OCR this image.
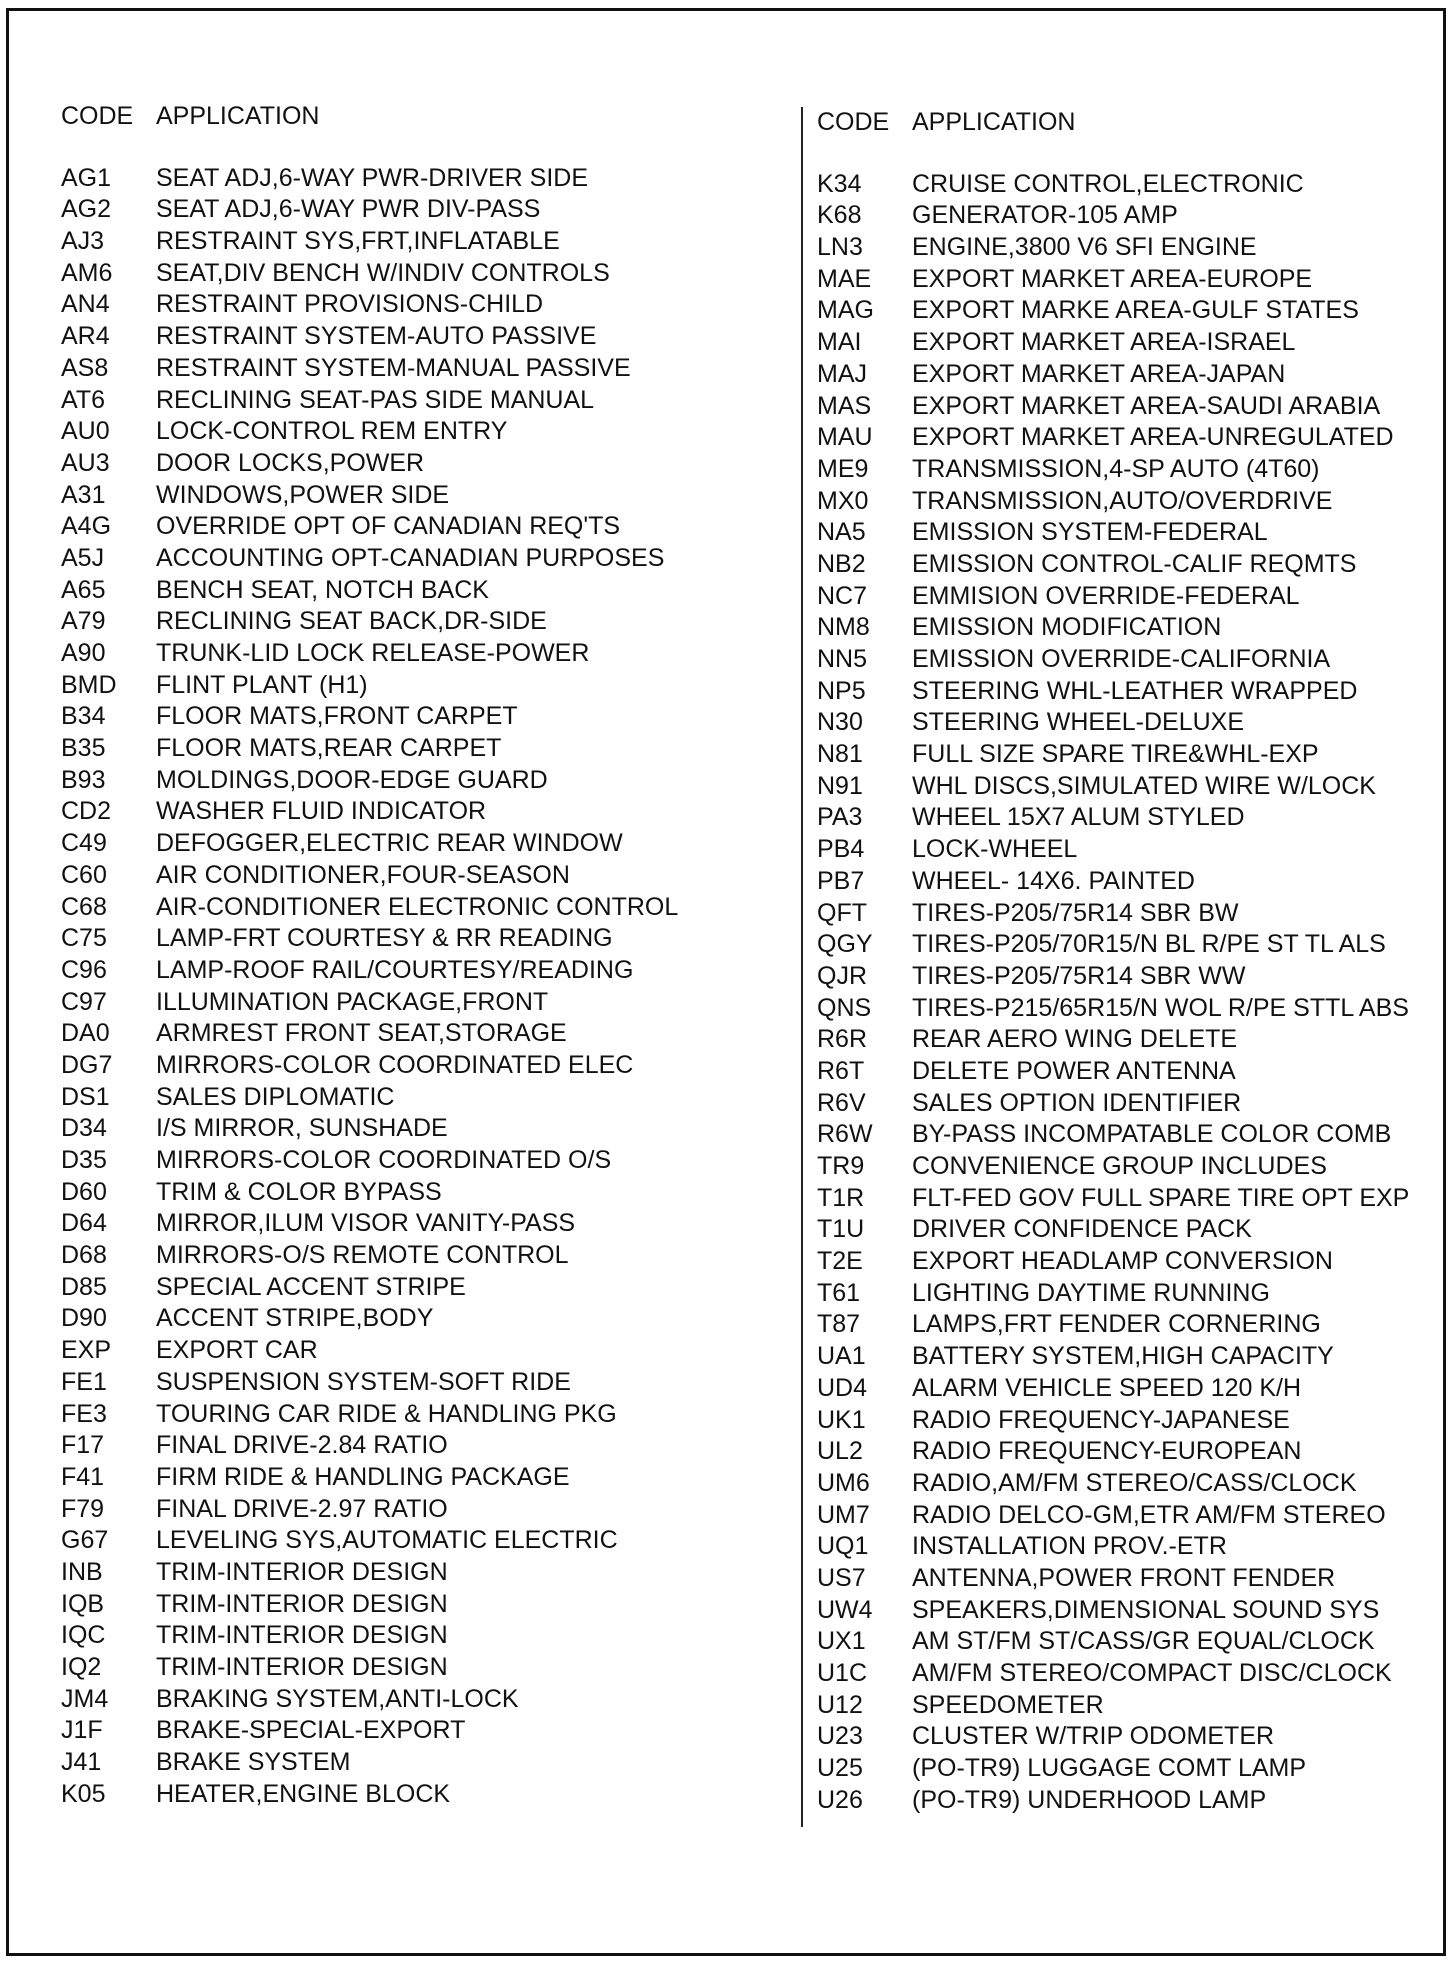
CODE APPLICATION
AG1	SEAT ADJ,6-WAY PWR-DRIVER SIDE
AG2	SEAT ADJ,6-WAY PWR DIV-PASS
AJ3	RESTRAINT SYS,FRT,INFLATABLE
AM6	SEAT,DIV BENCH W/INDIV CONTROLS
AN4	RESTRAINT PROVISIONS-CHILD
AR4	RESTRAINT SYSTEM-AUTO PASSIVE
AS8	RESTRAINT SYSTEM-MANUAL PASSIVE
AT6	RECLINING SEAT-PAS SIDE MANUAL
AU0	LOCK-CONTROL REM ENTRY
AU3	DOOR LOCKS,POWER
A31	WINDOWS,POWER SIDE
A4G	OVERRIDE OPT OF CANADIAN REQ'TS
A5J	ACCOUNTING OPT-CANADIAN PURPOSES
A65	BENCH SEAT, NOTCH BACK
A79	RECLINING SEAT BACK,DR-SIDE
A90	TRUNK-LID LOCK RELEASE-POWER
BMD	FLINT PLANT (H1)
B34	FLOOR MATS,FRONT CARPET
B35	FLOOR MATS,REAR CARPET
B93	MOLDINGS,DOOR-EDGE GUARD
CD2	WASHER FLUID INDICATOR
C49	DEFOGGER,ELECTRIC REAR WINDOW
C60	AIR CONDITIONER,FOUR-SEASON
C68	AIR-CONDITIONER ELECTRONIC CONTROL
C75	LAMP-FRT COURTESY & RR READING
C96	LAMP-ROOF RAIL/COURTESY/READING
C97	ILLUMINATION PACKAGE,FRONT
DA0	ARMREST FRONT SEAT,STORAGE
DG7	MIRRORS-COLOR COORDINATED ELEC
DS1	SALES DIPLOMATIC
D34	I/S MIRROR, SUNSHADE
D35	MIRRORS-COLOR COORDINATED O/S
D60	TRIM & COLOR BYPASS
D64	MIRROR,ILUM VISOR VANITY-PASS
D68	MIRRORS-O/S REMOTE CONTROL
D85	SPECIAL ACCENT STRIPE
D90	ACCENT STRIPE,BODY
EXP	EXPORT CAR
FE1	SUSPENSION SYSTEM-SOFT RIDE
FE3	TOURING CAR RIDE & HANDLING PKG
F17	FINAL DRIVE-2.84 RATIO
F41	FIRM RIDE & HANDLING PACKAGE
F79	FINAL DRIVE-2.97 RATIO
G67	LEVELING SYS,AUTOMATIC ELECTRIC
INB	TRIM-INTERIOR DESIGN
IQB	TRIM-INTERIOR DESIGN
IQC	TRIM-INTERIOR DESIGN
IQ2	TRIM-INTERIOR DESIGN
JM4	BRAKING SYSTEM,ANTI-LOCK
J1F	BRAKE-SPECIAL-EXPORT
J41	BRAKE SYSTEM
K05	HEATER,ENGINE BLOCK
CODE APPLICATION
K34	CRUISE CONTROL,ELECTRONIC
K68	GENERATOR-105 AMP
LN3	ENGINE,3800 V6 SFI ENGINE
MAE	EXPORT MARKET AREA-EUROPE
MAG	EXPORT MARKE AREA-GULF STATES
MAI	EXPORT MARKET AREA-ISRAEL
MAJ	EXPORT MARKET AREA-JAPAN
MAS	EXPORT MARKET AREA-SAUDI ARABIA
MAU	EXPORT MARKET AREA-UNREGULATED
ME9	TRANSMISSION,4-SP AUTO (4T60)
MX0	TRANSMISSION,AUTO/OVERDRIVE
NA5	EMISSION SYSTEM-FEDERAL
NB2	EMISSION CONTROL-CALIF REQMTS
NC7	EMMISION OVERRIDE-FEDERAL
NM8	EMISSION MODIFICATION
NN5	EMISSION OVERRIDE-CALIFORNIA
NP5	STEERING WHL-LEATHER WRAPPED
N30	STEERING WHEEL-DELUXE
N81	FULL SIZE SPARE TIRE&WHL-EXP
N91	WHL DISCS,SIMULATED WIRE W/LOCK
PA3	WHEEL 15X7 ALUM STYLED
PB4	LOCK-WHEEL
PB7	WHEEL- 14X6. PAINTED
QFT	TIRES-P205/75R14 SBR BW
QGY	TIRES-P205/70R15/N BL R/PE ST TL ALS
QJR	TIRES-P205/75R14 SBR WW
QNS	TIRES-P215/65R15/N WOL R/PE STTL ABS
R6R	REAR AERO WING DELETE
R6T	DELETE POWER ANTENNA
R6V	SALES OPTION IDENTIFIER
R6W	BY-PASS INCOMPATABLE COLOR COMB
TR9	CONVENIENCE GROUP INCLUDES
T1R	FLT-FED GOV FULL SPARE TIRE OPT EXP
T1U	DRIVER CONFIDENCE PACK
T2E	EXPORT HEADLAMP CONVERSION
T61	LIGHTING DAYTIME RUNNING
T87	LAMPS,FRT FENDER CORNERING
UA1	BATTERY SYSTEM,HIGH CAPACITY
UD4	ALARM VEHICLE SPEED 120 K/H
UK1	RADIO FREQUENCY-JAPANESE
UL2	RADIO FREQUENCY-EUROPEAN
UM6	RADIO,AM/FM STEREO/CASS/CLOCK
UM7	RADIO DELCO-GM,ETR AM/FM STEREO
UQ1	INSTALLATION PROV.-ETR
US7	ANTENNA,POWER FRONT FENDER
UW4	SPEAKERS,DIMENSIONAL SOUND SYS
UX1	AM ST/FM ST/CASS/GR EQUAL/CLOCK
U1C	AM/FM STEREO/COMPACT DISC/CLOCK
U12	SPEEDOMETER
U23	CLUSTER W/TRIP ODOMETER
U25	(PO-TR9) LUGGAGE COMT LAMP
U26	(PO-TR9) UNDERHOOD LAMP
